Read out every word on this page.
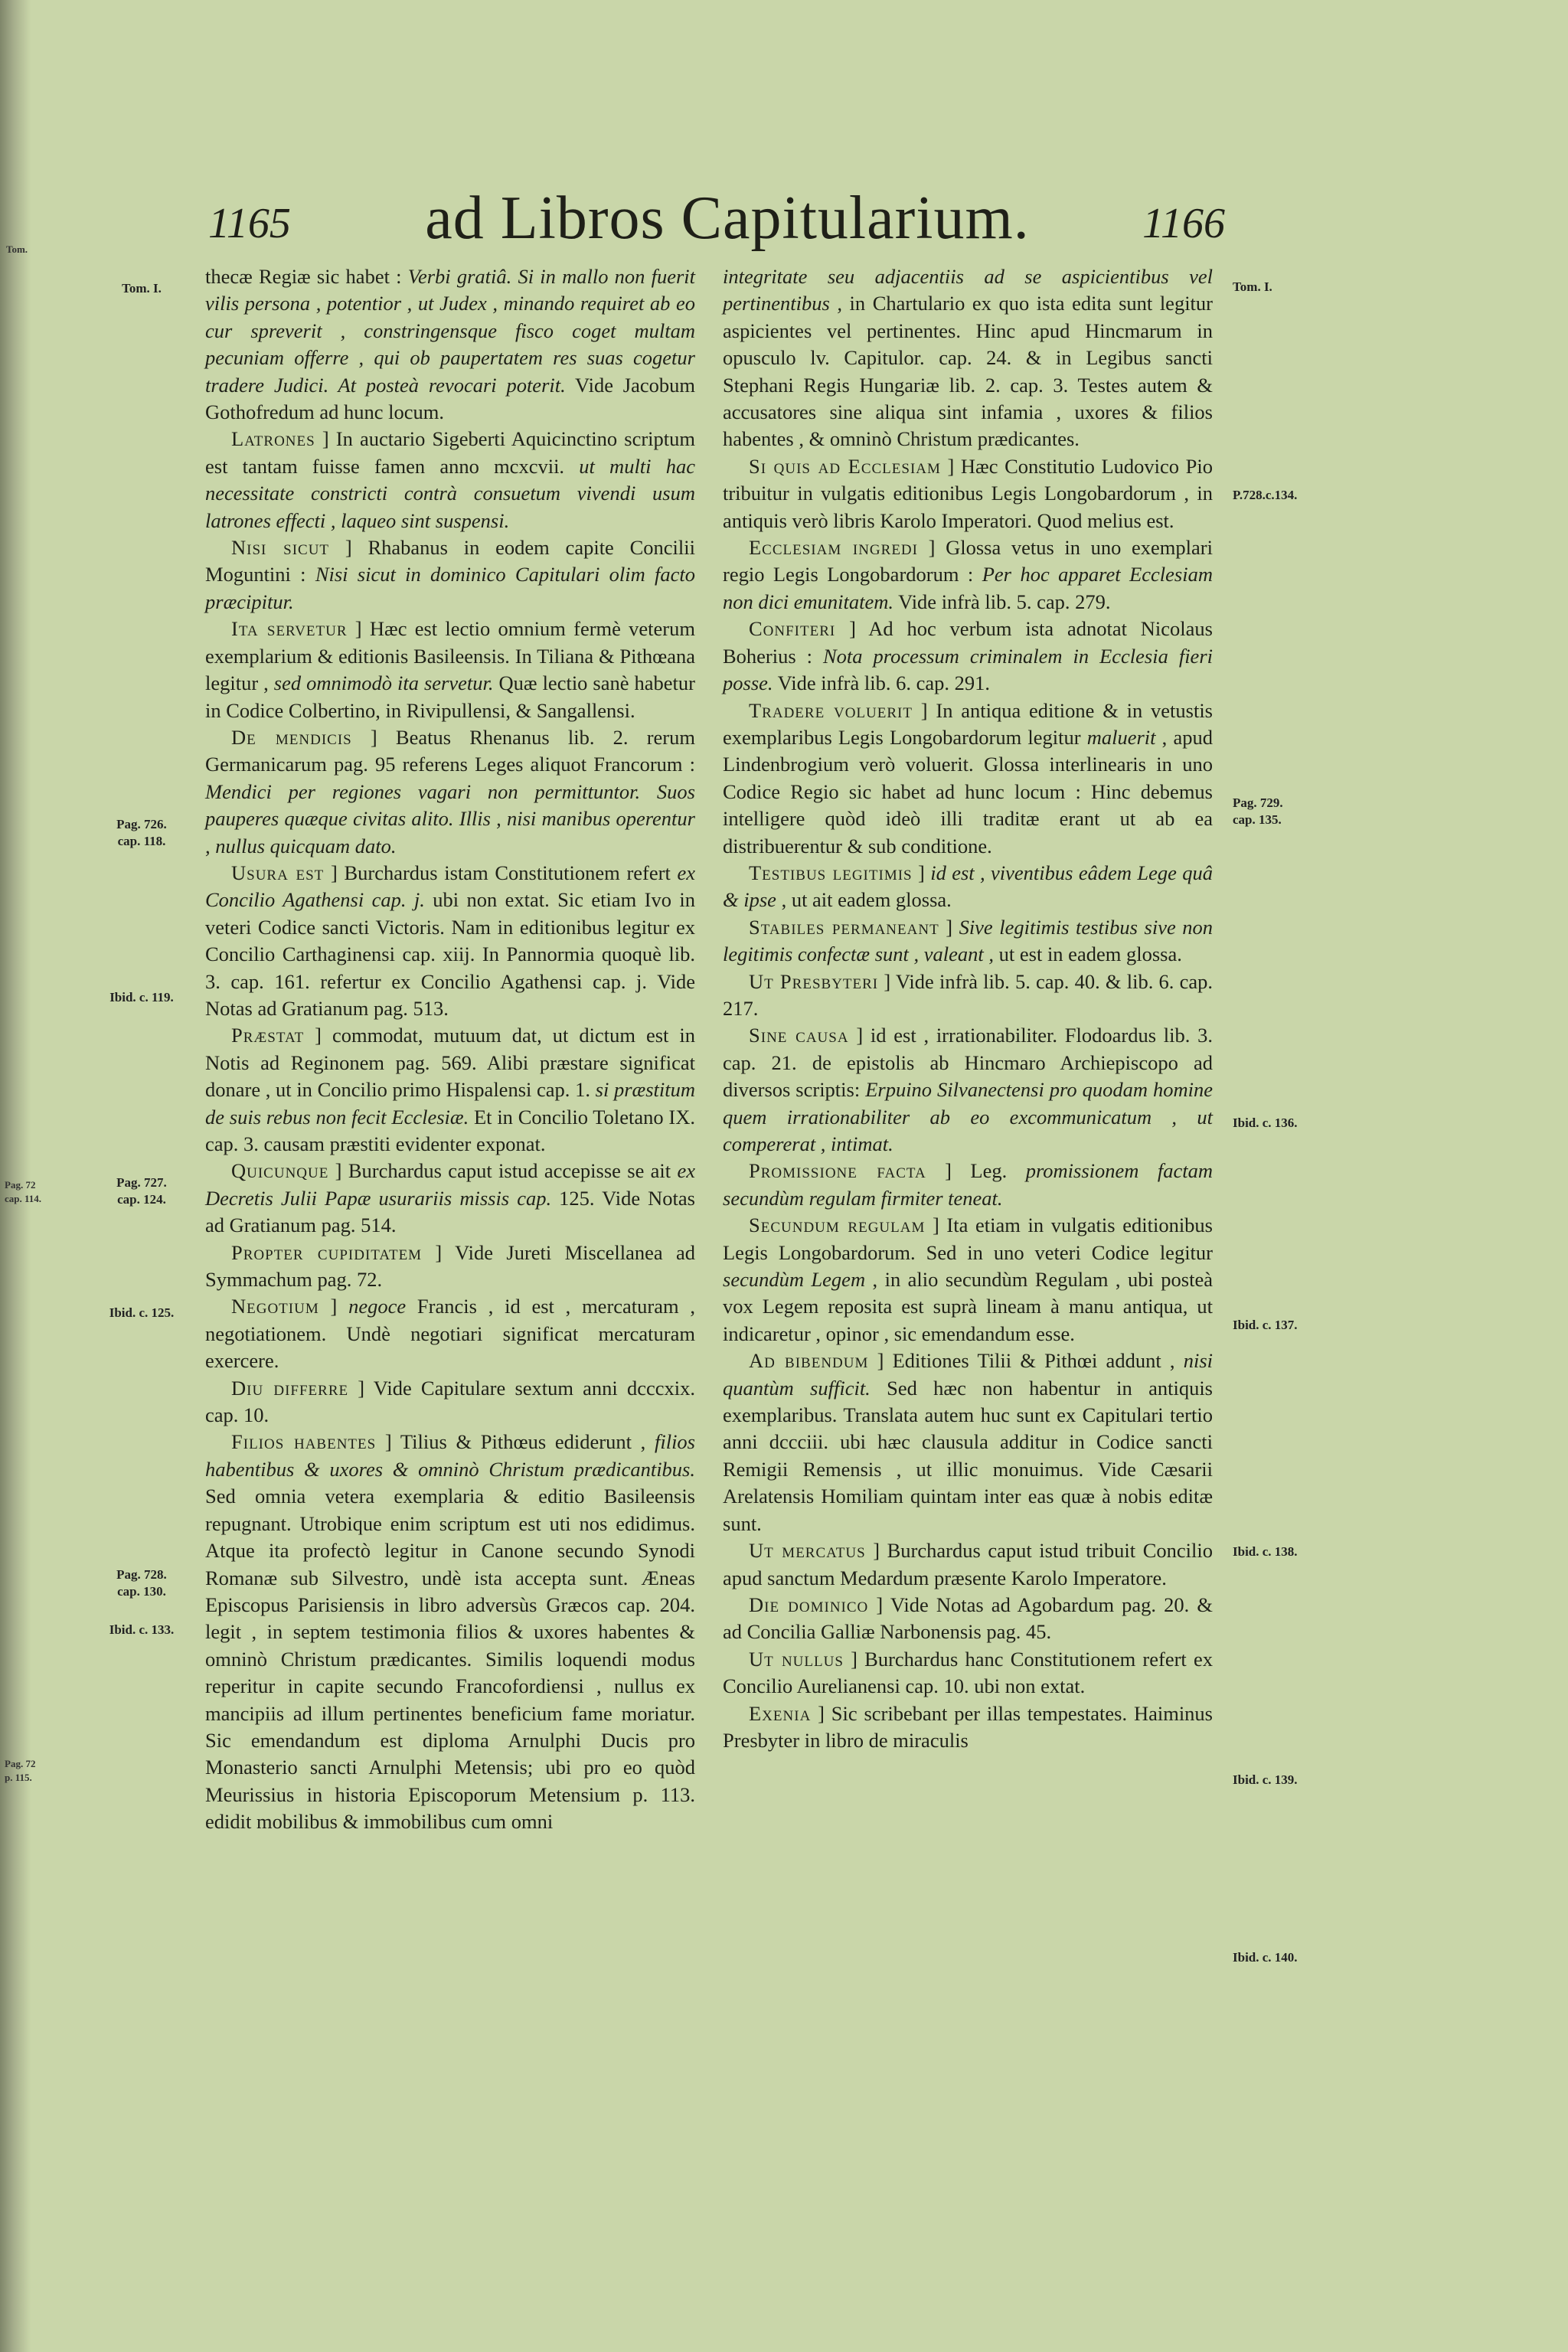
Tom.
Pag. 72
cap. 114.
Pag. 72
p. 115.
1165	ad Libros Capitularium.	1166
Tom. I.
Pag. 726.
cap. 118.
Ibid. c. 119.
Pag. 727.
cap. 124.
Ibid. c. 125.
Pag. 728.
cap. 130.
Ibid. c. 133.
Tom. I.
P.728.c.134.
Pag. 729.
cap. 135.
Ibid. c. 136.
Ibid. c. 137.
Ibid. c. 138.
Ibid. c. 139.
Ibid. c. 140.

thecæ Regiæ sic habet : Verbi gratiâ. Si in mallo non fuerit vilis persona , potentior , ut Judex , minando requiret ab eo cur spreverit , constringensque fisco coget multam pecuniam offerre , qui ob paupertatem res suas cogetur tradere Judici. At posteà revocari poterit. Vide Jacobum Gothofredum ad hunc locum.

Latrones ] In auctario Sigeberti Aquicinctino scriptum est tantam fuisse famen anno mcxcvii. ut multi hac necessitate constricti contrà consuetum vivendi usum latrones effecti , laqueo sint suspensi.

Nisi sicut ] Rhabanus in eodem capite Concilii Moguntini : Nisi sicut in dominico Capitulari olim facto præcipitur.

Ita servetur ] Hæc est lectio omnium fermè veterum exemplarium & editionis Basileensis. In Tiliana & Pithœana legitur , sed omnimodò ita servetur. Quæ lectio sanè habetur in Codice Colbertino, in Rivipullensi, & Sangallensi.

De mendicis ] Beatus Rhenanus lib. 2. rerum Germanicarum pag. 95 referens Leges aliquot Francorum : Mendici per regiones vagari non permittuntor. Suos pauperes quæque civitas alito. Illis , nisi manibus operentur , nullus quicquam dato.

Usura est ] Burchardus istam Constitutionem refert ex Concilio Agathensi cap. j. ubi non extat. Sic etiam Ivo in veteri Codice sancti Victoris. Nam in editionibus legitur ex Concilio Carthaginensi cap. xiij. In Pannormia quoquè lib. 3. cap. 161. refertur ex Concilio Agathensi cap. j. Vide Notas ad Gratianum pag. 513.

Præstat ] commodat, mutuum dat, ut dictum est in Notis ad Reginonem pag. 569. Alibi præstare significat donare , ut in Concilio primo Hispalensi cap. 1. si præstitum de suis rebus non fecit Ecclesiæ. Et in Concilio Toletano IX. cap. 3. causam præstiti evidenter exponat.

Quicunque ] Burchardus caput istud accepisse se ait ex Decretis Julii Papæ usurariis missis cap. 125. Vide Notas ad Gratianum pag. 514.

Propter cupiditatem ] Vide Jureti Miscellanea ad Symmachum pag. 72.

Negotium ] negoce Francis , id est , mercaturam , negotiationem. Undè negotiari significat mercaturam exercere.

Diu differre ] Vide Capitulare sextum anni dcccxix. cap. 10.

Filios habentes ] Tilius & Pithœus ediderunt , filios habentibus & uxores & omninò Christum prædicantibus. Sed omnia vetera exemplaria & editio Basileensis repugnant. Utrobique enim scriptum est uti nos edidimus. Atque ita profectò legitur in Canone secundo Synodi Romanæ sub Silvestro, undè ista accepta sunt. Æneas Episcopus Parisiensis in libro adversùs Græcos cap. 204. legit , in septem testimonia filios & uxores habentes & omninò Christum prædicantes. Similis loquendi modus reperitur in capite secundo Francofordiensi , nullus ex mancipiis ad illum pertinentes beneficium fame moriatur. Sic emendandum est diploma Arnulphi Ducis pro Monasterio sancti Arnulphi Metensis; ubi pro eo quòd Meurissius in historia Episcoporum Metensium p. 113. edidit mobilibus & immobilibus cum omni

integritate seu adjacentiis ad se aspicientibus vel pertinentibus , in Chartulario ex quo ista edita sunt legitur aspicientes vel pertinentes. Hinc apud Hincmarum in opusculo lv. Capitulor. cap. 24. & in Legibus sancti Stephani Regis Hungariæ lib. 2. cap. 3. Testes autem & accusatores sine aliqua sint infamia , uxores & filios habentes , & omninò Christum prædicantes.

Si quis ad Ecclesiam ] Hæc Constitutio Ludovico Pio tribuitur in vulgatis editionibus Legis Longobardorum , in antiquis verò libris Karolo Imperatori. Quod melius est.

Ecclesiam ingredi ] Glossa vetus in uno exemplari regio Legis Longobardorum : Per hoc apparet Ecclesiam non dici emunitatem. Vide infrà lib. 5. cap. 279.

Confiteri ] Ad hoc verbum ista adnotat Nicolaus Boherius : Nota processum criminalem in Ecclesia fieri posse. Vide infrà lib. 6. cap. 291.

Tradere voluerit ] In antiqua editione & in vetustis exemplaribus Legis Longobardorum legitur maluerit , apud Lindenbrogium verò voluerit. Glossa interlinearis in uno Codice Regio sic habet ad hunc locum : Hinc debemus intelligere quòd ideò illi traditæ erant ut ab ea distribuerentur & sub conditione.

Testibus legitimis ] id est , viventibus eâdem Lege quâ & ipse , ut ait eadem glossa.

Stabiles permaneant ] Sive legitimis testibus sive non legitimis confectæ sunt , valeant , ut est in eadem glossa.

Ut Presbyteri ] Vide infrà lib. 5. cap. 40. & lib. 6. cap. 217.

Sine causa ] id est , irrationabiliter. Flodoardus lib. 3. cap. 21. de epistolis ab Hincmaro Archiepiscopo ad diversos scriptis: Erpuino Silvanectensi pro quodam homine quem irrationabiliter ab eo excommunicatum , ut compererat , intimat.

Promissione facta ] Leg. promissionem factam secundùm regulam firmiter teneat.

Secundum regulam ] Ita etiam in vulgatis editionibus Legis Longobardorum. Sed in uno veteri Codice legitur secundùm Legem , in alio secundùm Regulam , ubi posteà vox Legem reposita est suprà lineam à manu antiqua, ut indicaretur , opinor , sic emendandum esse.

Ad bibendum ] Editiones Tilii & Pithœi addunt , nisi quantùm sufficit. Sed hæc non habentur in antiquis exemplaribus. Translata autem huc sunt ex Capitulari tertio anni dccciii. ubi hæc clausula additur in Codice sancti Remigii Remensis , ut illic monuimus. Vide Cæsarii Arelatensis Homiliam quintam inter eas quæ à nobis editæ sunt.

Ut mercatus ] Burchardus caput istud tribuit Concilio apud sanctum Medardum præsente Karolo Imperatore.

Die dominico ] Vide Notas ad Agobardum pag. 20. & ad Concilia Galliæ Narbonensis pag. 45.

Ut nullus ] Burchardus hanc Constitutionem refert ex Concilio Aurelianensi cap. 10. ubi non extat.

Exenia ] Sic scribebant per illas tempestates. Haiminus Presbyter in libro de miraculis
